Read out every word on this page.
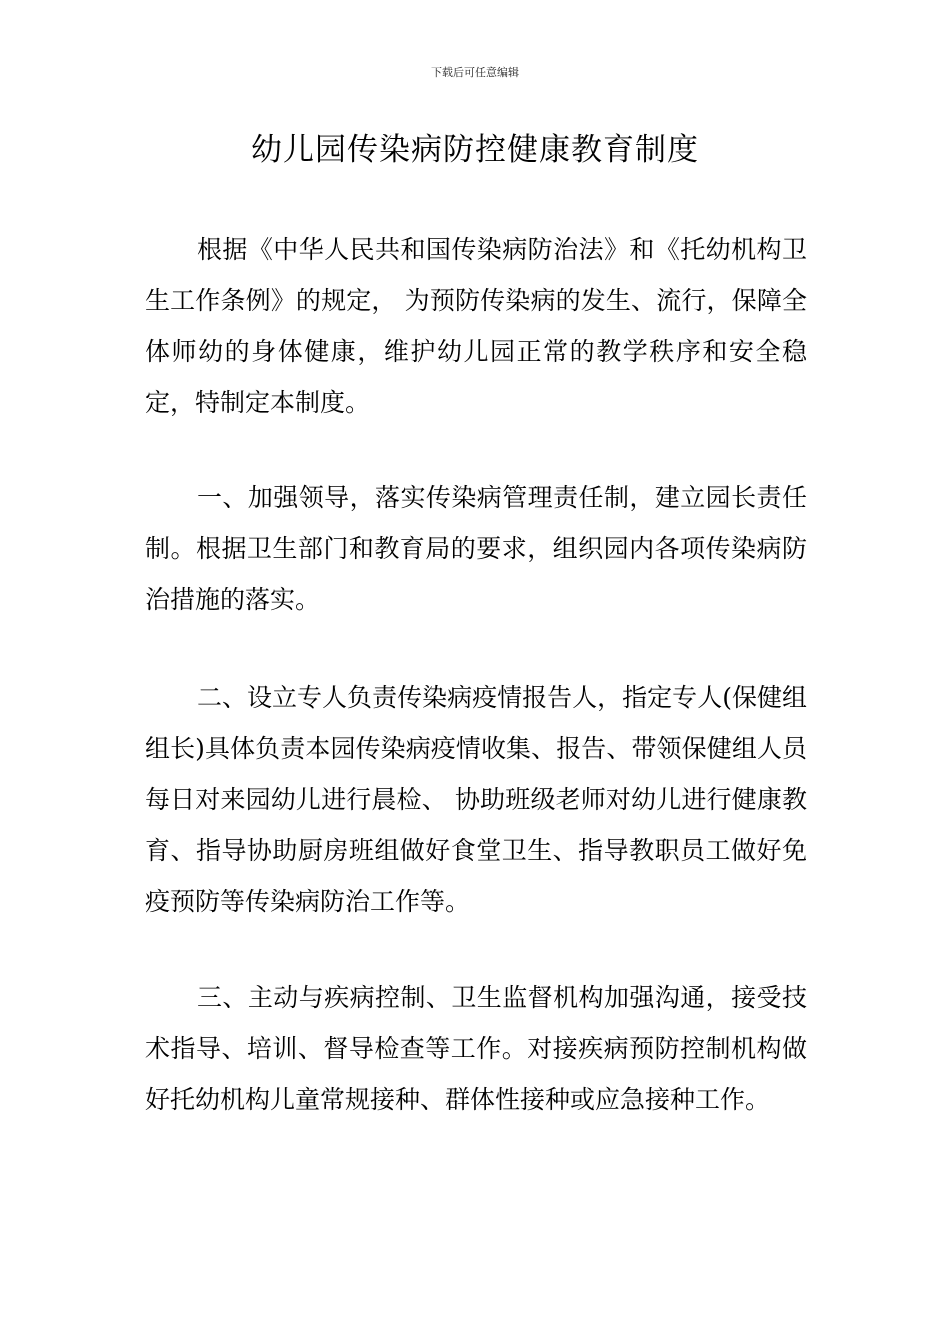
下载后可任意编辑
幼儿园传染病防控健康教育制度

根据《中华人民共和国传染病防治法》和《托幼机构卫生工作条例》的规定， 为预防传染病的发生、流行，保障全体师幼的身体健康，维护幼儿园正常的教学秩序和安全稳定，特制定本制度。

一、加强领导，落实传染病管理责任制，建立园长责任制。根据卫生部门和教育局的要求，组织园内各项传染病防治措施的落实。

二、设立专人负责传染病疫情报告人，指定专人(保健组组长)具体负责本园传染病疫情收集、报告、带领保健组人员每日对来园幼儿进行晨检、 协助班级老师对幼儿进行健康教育、指导协助厨房班组做好食堂卫生、指导教职员工做好免疫预防等传染病防治工作等。

三、主动与疾病控制、卫生监督机构加强沟通，接受技术指导、培训、督导检查等工作。对接疾病预防控制机构做好托幼机构儿童常规接种、群体性接种或应急接种工作。
